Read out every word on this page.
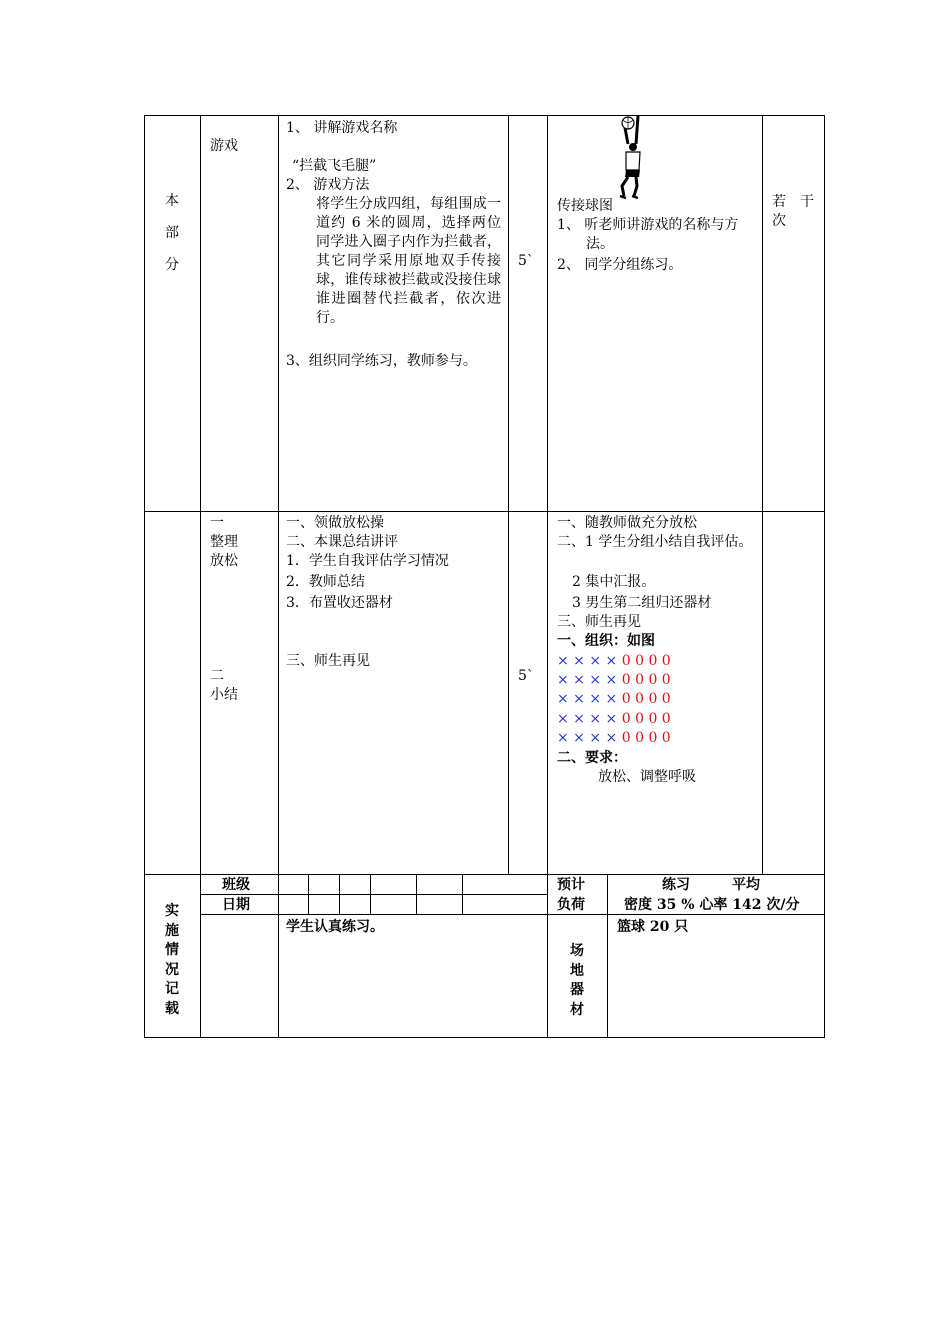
本
部
分
游戏
1、 讲解游戏名称
“拦截飞毛腿”
2、 游戏方法
将学生分成四组，每组围成一道约 6 米的圆周，选择两位同学进入圈子内作为拦截者，其它同学采用原地双手传接球，谁传球被拦截或没接住球谁进圈替代拦截者，依次进行。
3、组织同学练习，教师参与。
5`
传接球图
1、 听老师讲游戏的名称与方法。
2、 同学分组练习。
若 干
次
一
整理放松
二
小结
一、领做放松操
二、本课总结讲评
1．学生自我评估学习情况
2．教师总结
3．布置收还器材
三、师生再见
5`
一、随教师做充分放松
二、1 学生分组小结自我评估。
2 集中汇报。
3 男生第二组归还器材
三、师生再见
一、组织：如图
× × × × 0 0 0 0
× × × × 0 0 0 0
× × × × 0 0 0 0
× × × × 0 0 0 0
× × × × 0 0 0 0
二、要求：
放松、调整呼吸
实
施
情
况
记
载
班级
日期
预计
负荷
练习　　　平均
密度 35 % 心率 142 次/分
学生认真练习。
场
地
器
材
篮球 20 只
